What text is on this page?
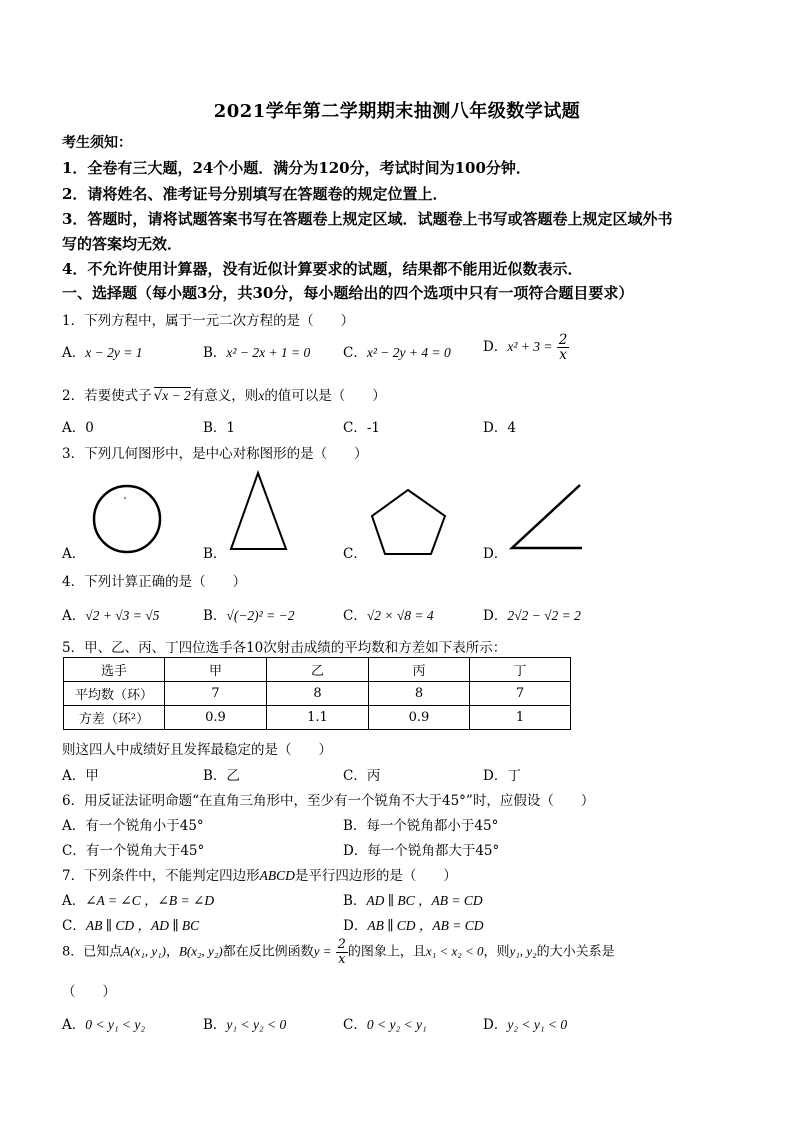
2021学年第二学期期末抽测八年级数学试题
考生须知：
1．全卷有三大题，24个小题．满分为120分，考试时间为100分钟．
2．请将姓名、准考证号分别填写在答题卷的规定位置上．
3．答题时，请将试题答案书写在答题卷上规定区域．试题卷上书写或答题卷上规定区域外书
写的答案均无效．
4．不允许使用计算器，没有近似计算要求的试题，结果都不能用近似数表示．
一、选择题（每小题3分，共30分，每小题给出的四个选项中只有一项符合题目要求）
1．下列方程中，属于一元二次方程的是（　　）
A．x − 2y = 1	B．x² − 2x + 1 = 0 C．x² − 2y + 4 = 0 D．$x^2 + 3 = \frac{2}{x}$
2．若要使式子 √x − 2有意义，则x的值可以是（　　）
A．0	B．1	C．-1	D．4
3．下列几何图形中，是中心对称图形的是（　　）
A．	B．	C．	D．
4．下列计算正确的是（　　）
A．√2 + √3 = √5	B．√(−2)² = −2	C．√2 × √8 = 4	D．2√2 − √2 = 2
5．甲、乙、丙、丁四位选手各10次射击成绩的平均数和方差如下表所示：
选手	甲	乙	丙	丁
平均数（环）	7	8	8	7
方差（环²）	0.9	1.1	0.9	1
则这四人中成绩好且发挥最稳定的是（　　）
A．甲	B．乙	C．丙	D．丁
6．用反证法证明命题“在直角三角形中，至少有一个锐角不大于45°”时，应假设（　　）
A．有一个锐角小于45°	B．每一个锐角都小于45°
C．有一个锐角大于45°	D．每一个锐角都大于45°
7．下列条件中，不能判定四边形ABCD是平行四边形的是（　　）
A．∠A = ∠C ，∠B = ∠D	B．AD ∥ BC ，AB = CD
C．AB ∥ CD ，AD ∥ BC	D．AB ∥ CD ，AB = CD
8．已知点A(x₁, y₁)，B(x₂, y₂)都在反比例函数$y = \frac{2}{x}$ 的图象上，且x₁ < x₂ < 0，则y₁, y₂的大小关系是
（　　）
A．0 < y₁ < y₂	B．y₁ < y₂ < 0	C．0 < y₂ < y₁	D．y₂ < y₁ < 0
